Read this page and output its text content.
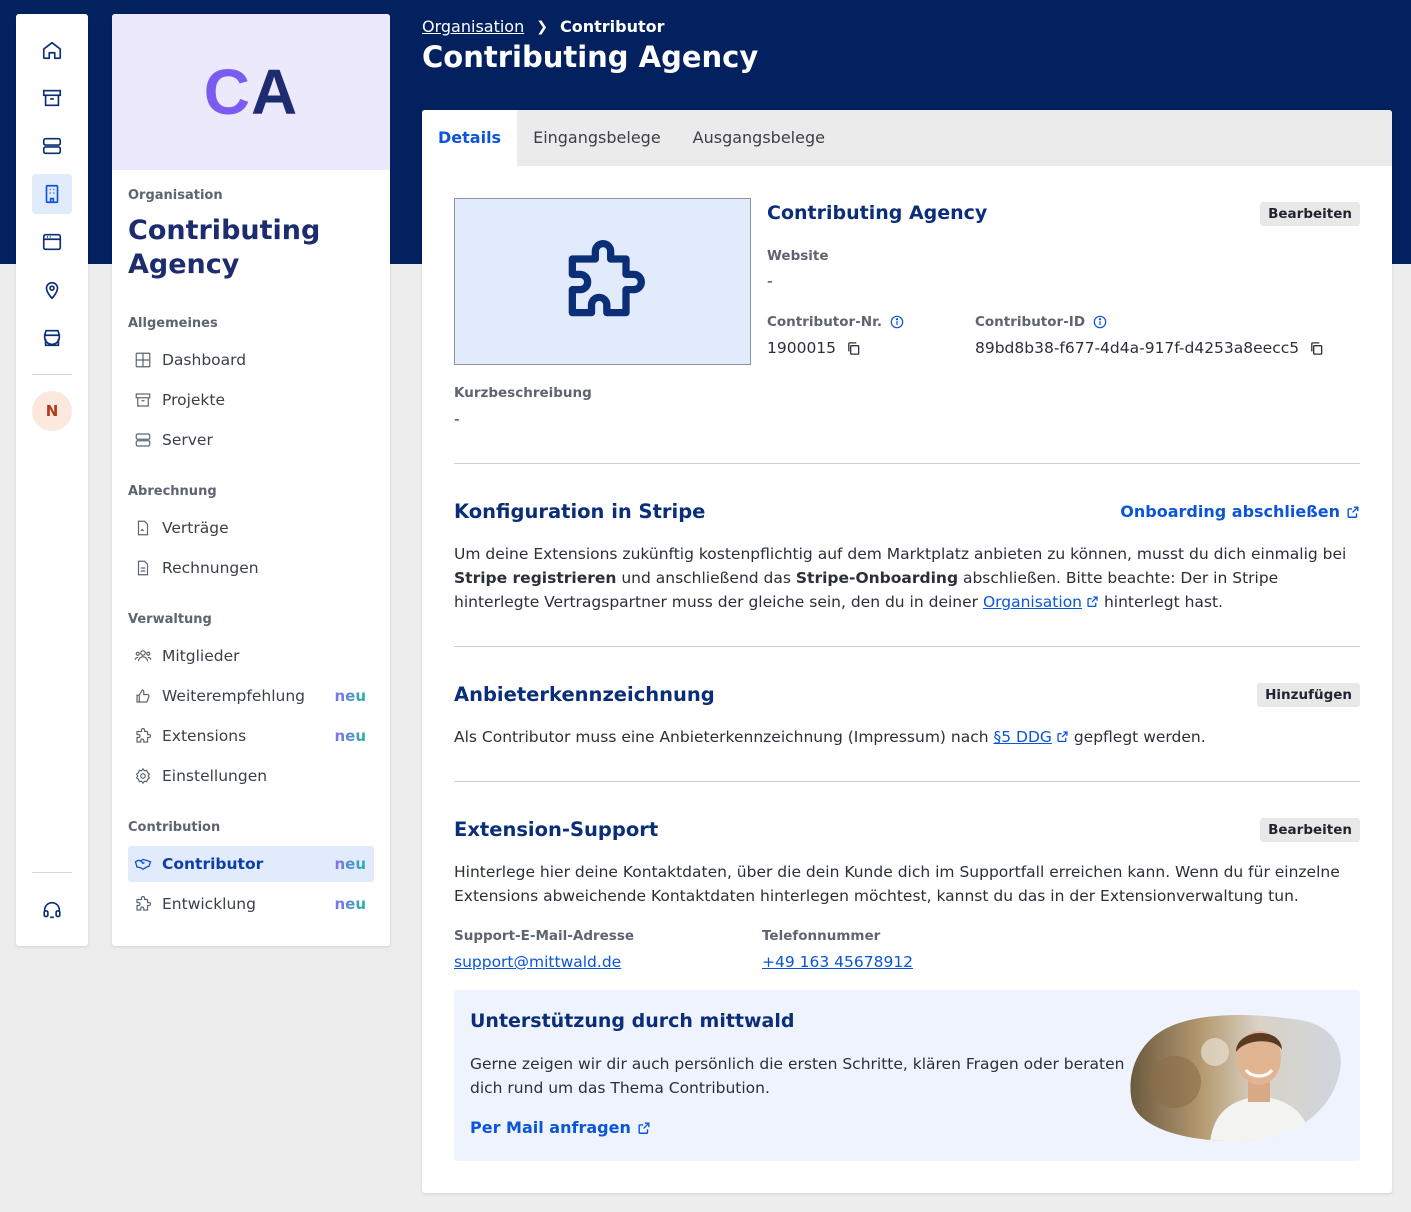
N
CA
Organisation
Contributing Agency
Allgemeines
Dashboard
Projekte
Server
Abrechnung
Verträge
Rechnungen
Verwaltung
Mitglieder
Weiterempfehlung neu
Extensions	neu
Einstellungen
Contribution
Contributor	neu
Entwicklung	neu
Organisation ❯ Contributor
Contributing Agency
Details	Eingangsbelege	Ausgangsbelege
Contributing Agency	Bearbeiten
Website
-
Contributor-Nr.
1900015
Contributor-ID
89bd8b38-f677-4d4a-917f-d4253a8eecc5
Kurzbeschreibung
-
Konfiguration in Stripe	Onboarding abschließen

Um deine Extensions zukünftig kostenpflichtig auf dem Marktplatz anbieten zu können, musst du dich einmalig bei Stripe registrieren und anschließend das Stripe-Onboarding abschließen. Bitte beachte: Der in Stripe hinterlegte Vertragspartner muss der gleiche sein, den du in deiner Organisation hinterlegt hast.

Anbieterkennzeichnung	Hinzufügen

Als Contributor muss eine Anbieterkennzeichnung (Impressum) nach §5 DDG gepflegt werden.

Extension-Support	Bearbeiten

Hinterlege hier deine Kontaktdaten, über die dein Kunde dich im Supportfall erreichen kann. Wenn du für einzelne Extensions abweichende Kontaktdaten hinterlegen möchtest, kannst du das in der Extensionverwaltung tun.

Support-E-Mail-Adresse
support@mittwald.de
Telefonnummer
+49 163 45678912
Unterstützung durch mittwald

Gerne zeigen wir dir auch persönlich die ersten Schritte, klären Fragen oder beraten dich rund um das Thema Contribution.

Per Mail anfragen
